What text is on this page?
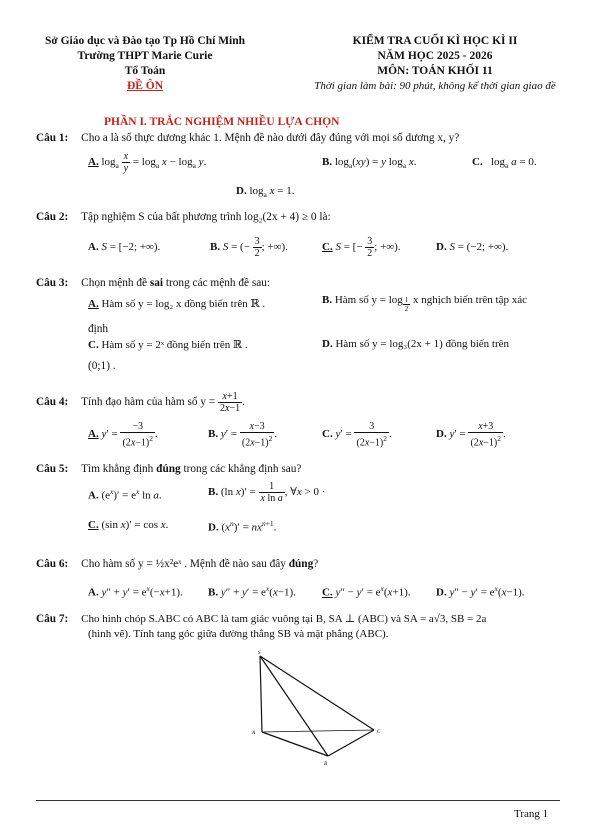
Sở Giáo dục và Đào tạo Tp Hồ Chí Minh
Trường THPT Marie Curie
Tổ Toán
ĐỀ ÔN
KIỂM TRA CUỐI KÌ HỌC KÌ II
NĂM HỌC 2025 - 2026
MÔN: TOÁN KHỐI 11
Thời gian làm bài: 90 phút, không kể thời gian giao đề
PHẦN I. TRẮC NGHIỆM NHIỀU LỰA CHỌN
Câu 1: Cho a là số thực dương khác 1. Mệnh đề nào dưới đây đúng với mọi số dương x, y?
A. $\log_a \frac{x}{y} = \log_a x - \log_a y$.	B. $\log_a(xy) = y$ $\log_a x$.	C.   $\log_a a = 0$.
D. $\log_a x = 1$.
Câu 2: Tập nghiệm S của bất phương trình log₂(2x + 4) ≥ 0 là:
A. S = [−2; +∞).	B. S = (− $\frac{3}{2}$ ; +∞).	C. S = [− $\frac{3}{2}$ ; +∞).	D. S = (−2; +∞).
Câu 3: Chọn mệnh đề sai trong các mệnh đề sau:
A. Hàm số y = log₂ x đồng biến trên ℝ .	B. Hàm số y = log $_{\frac{1}{2}}$ x nghịch biến trên tập xác
định
C. Hàm số y = 2ˣ đồng biến trên ℝ .	D. Hàm số y = log₃(2x + 1) đồng biến trên
(0;1) .
Câu 4: Tính đạo hàm của hàm số $y = \frac{x+1}{2x-1}$ .
A. $y' = \frac{-3}{(2x-1)^2}$ .	B. $y' = \frac{x-3}{(2x-1)^2}$ .	C. $y' = \frac{3}{(2x-1)^2}$ .	D. $y' = \frac{x+3}{(2x-1)^2}$ .
Câu 5: Tìm khẳng định đúng trong các khẳng định sau?
A. $(e^x)' = e^x$ ln a.	B. (ln $x)' = \frac{1}{\text{x ln a}}$ , ∀x > 0 ·
C. (sin x)′ = cos x.	D. $(x^n)' = nx^{n+1}$.
Câu 6: Cho hàm số y = ½x²eˣ . Mệnh đề nào sau đây đúng?
A. $y'' + y' = e^x(-x+1)$. B. $y'' + y' = e^x(x-1)$. C. $y'' - y' = e^x(x+1)$. D. $y'' - y' = e^x(x-1)$.
Câu 7: Cho hình chóp S.ABC có ABC là tam giác vuông tại B, SA ⊥ (ABC) và SA = a√3, SB = 2a
(hình vẽ). Tính tang góc giữa đường thẳng SB và mặt phẳng (ABC).
S
A
B
C
Trang 1
